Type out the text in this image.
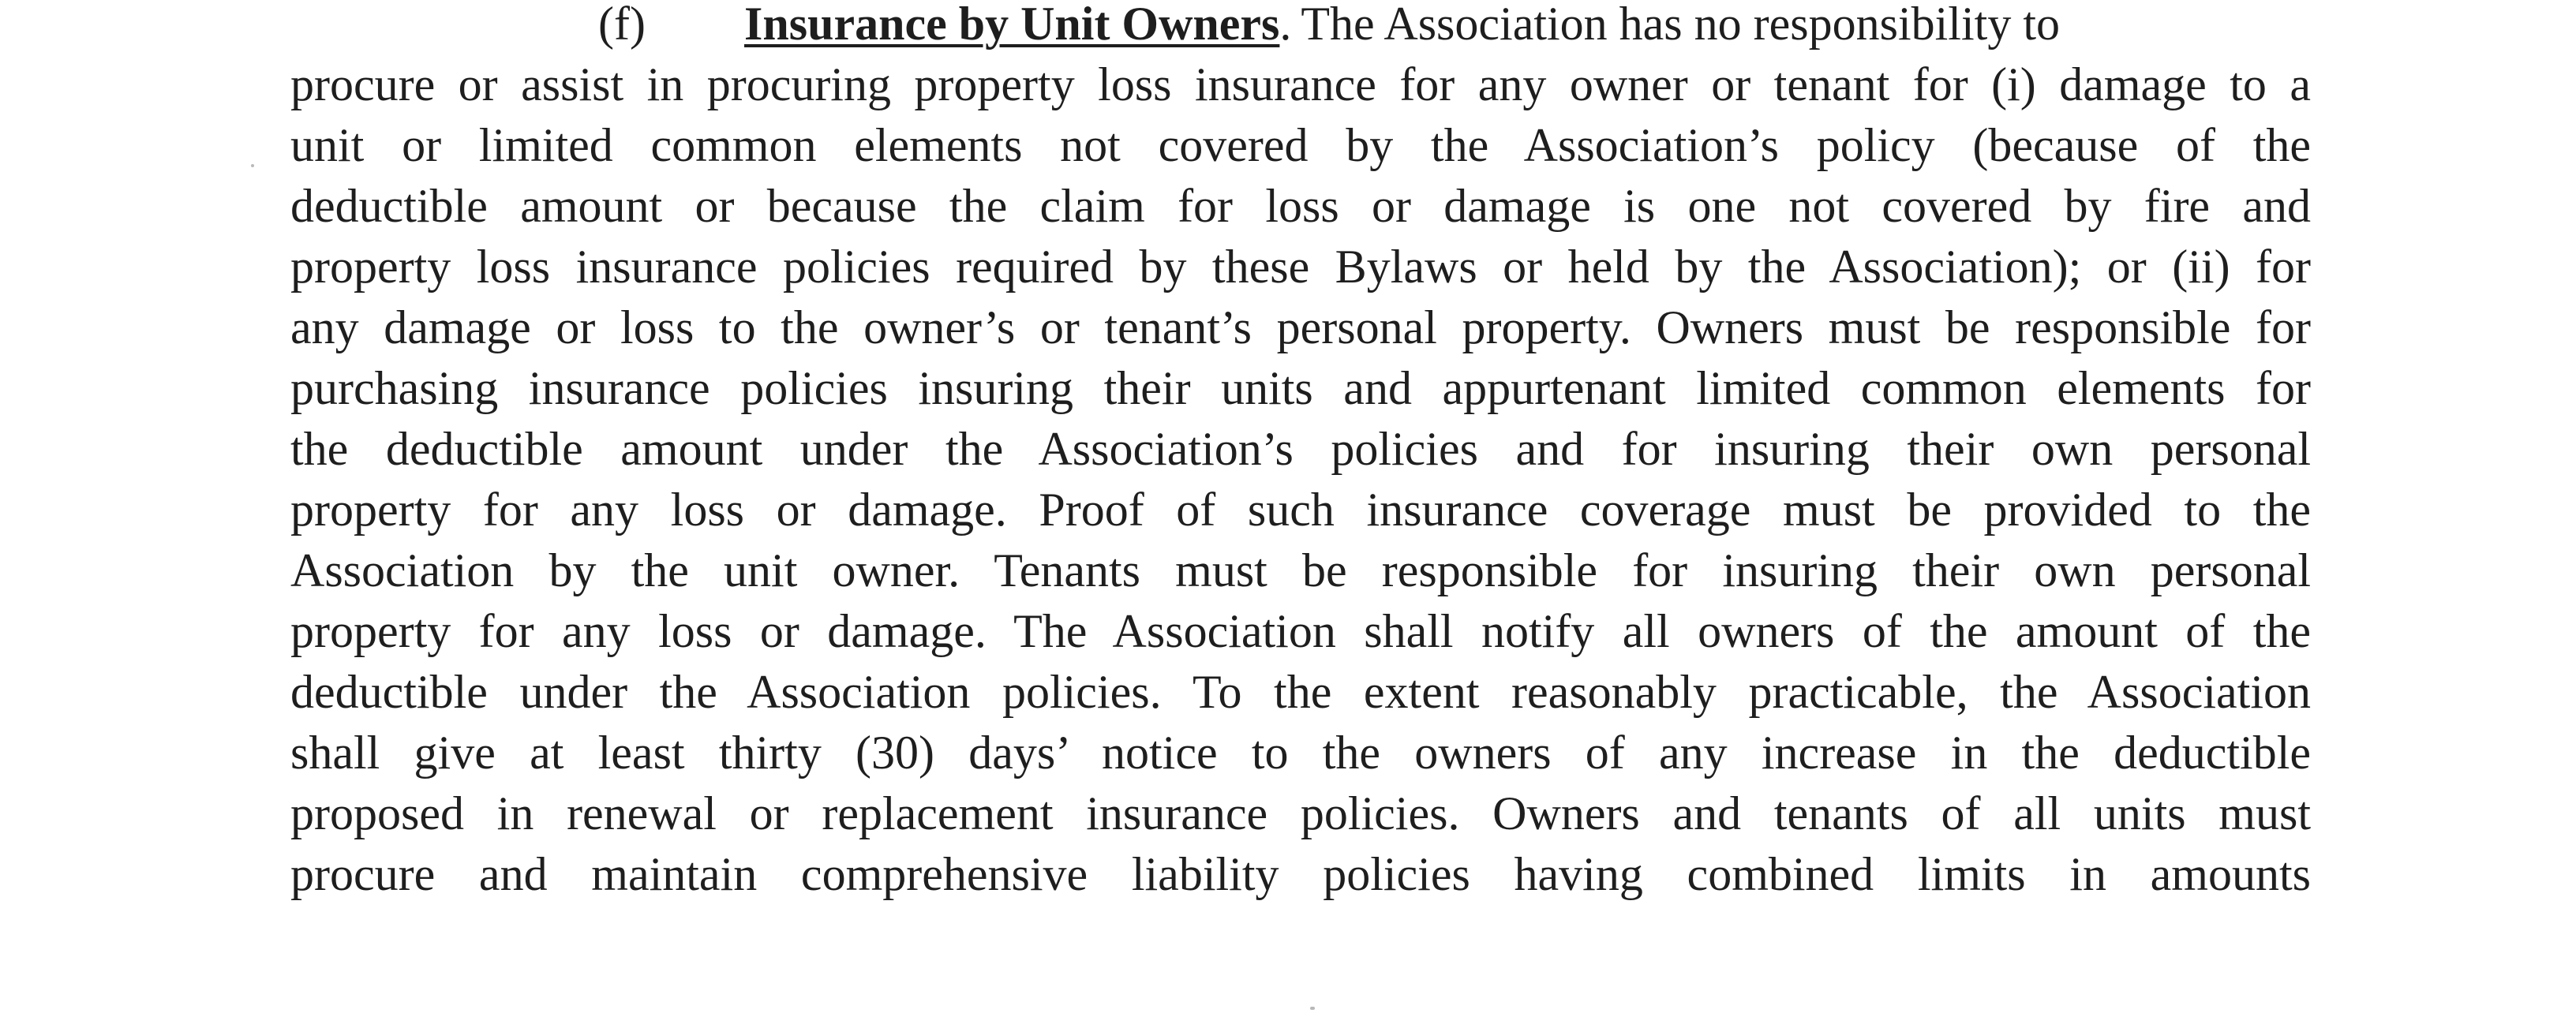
(f) Insurance by Unit Owners. The Association has no responsibility to
procure or assist in procuring property loss insurance for any owner or tenant for (i) damage to a
unit or limited common elements not covered by the Association’s policy (because of the
deductible amount or because the claim for loss or damage is one not covered by fire and
property loss insurance policies required by these Bylaws or held by the Association); or (ii) for
any damage or loss to the owner’s or tenant’s personal property. Owners must be responsible for
purchasing insurance policies insuring their units and appurtenant limited common elements for
the deductible amount under the Association’s policies and for insuring their own personal
property for any loss or damage. Proof of such insurance coverage must be provided to the
Association by the unit owner. Tenants must be responsible for insuring their own personal
property for any loss or damage. The Association shall notify all owners of the amount of the
deductible under the Association policies. To the extent reasonably practicable, the Association
shall give at least thirty (30) days’ notice to the owners of any increase in the deductible
proposed in renewal or replacement insurance policies. Owners and tenants of all units must
procure and maintain comprehensive liability policies having combined limits in amounts
